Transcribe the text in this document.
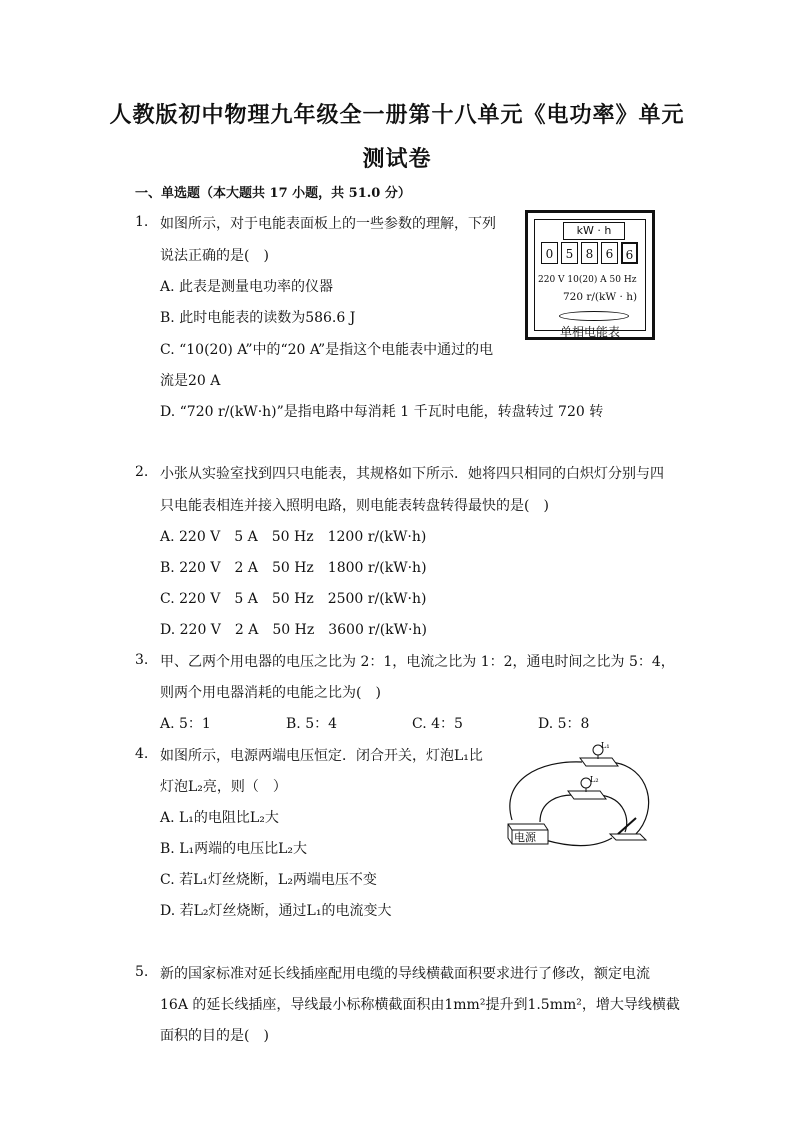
人教版初中物理九年级全一册第十八单元《电功率》单元
测试卷
一、单选题（本大题共 17 小题，共 51.0 分）
1. 如图所示，对于电能表面板上的一些参数的理解，下列
说法正确的是(　)
A. 此表是测量电功率的仪器
B. 此时电能表的读数为586.6 J
C. “10(20) A”中的“20 A”是指这个电能表中通过的电
流是20 A
D. “720 r/(kW·h)”是指电路中每消耗 1 千瓦时电能，转盘转过 720 转
kW · h
0	5	8	6	6
220 V 10(20) A 50 Hz
720 r/(kW · h)
单相电能表
2. 小张从实验室找到四只电能表，其规格如下所示．她将四只相同的白炽灯分别与四
只电能表相连并接入照明电路，则电能表转盘转得最快的是(　)
A. 220 V　5 A　50 Hz　1200 r/(kW·h)
B. 220 V　2 A　50 Hz　1800 r/(kW·h)
C. 220 V　5 A　50 Hz　2500 r/(kW·h)
D. 220 V　2 A　50 Hz　3600 r/(kW·h)
3. 甲、乙两个用电器的电压之比为 2：1，电流之比为 1：2，通电时间之比为 5：4，
则两个用电器消耗的电能之比为(　)
A. 5：1	B. 5：4	C. 4：5	D. 5：8
4. 如图所示，电源两端电压恒定．闭合开关，灯泡L₁比
灯泡L₂亮，则（　）
A. L₁的电阻比L₂大
B. L₁两端的电压比L₂大
C. 若L₁灯丝烧断，L₂两端电压不变
D. 若L₂灯丝烧断，通过L₁的电流变大
L₁
L₂
电源
5. 新的国家标准对延长线插座配用电缆的导线横截面积要求进行了修改，额定电流
16A 的延长线插座，导线最小标称横截面积由1mm²提升到1.5mm²，增大导线横截
面积的目的是(　)
